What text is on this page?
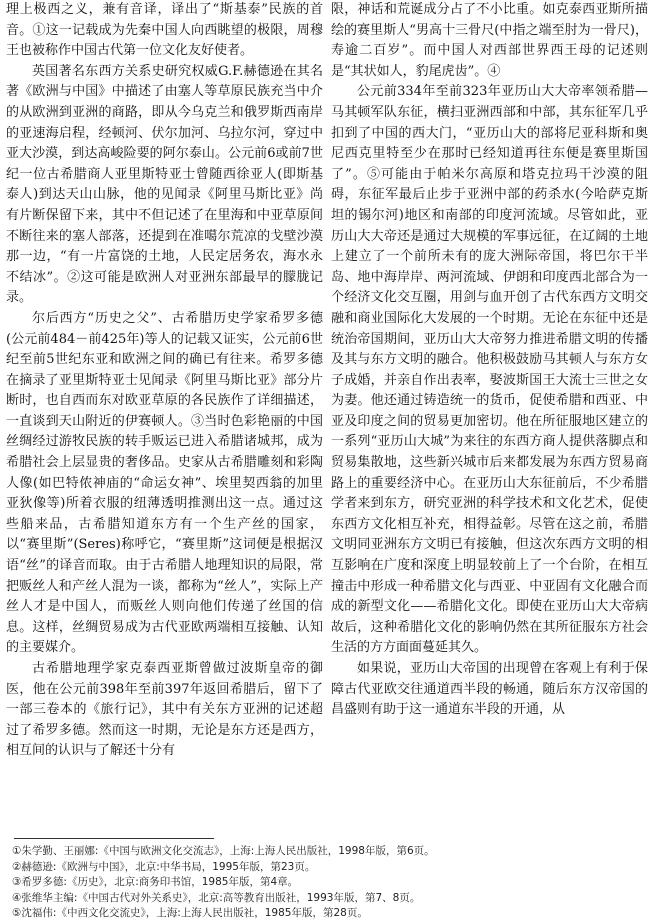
理上极西之义，兼有音译，译出了“斯基泰”民族的首音。①这一记载成为先秦中国人向西眺望的极限，周穆王也被称作中国古代第一位文化友好使者。

英国著名东西方关系史研究权威G.F.赫德逊在其名著《欧洲与中国》中描述了由塞人等草原民族充当中介的从欧洲到亚洲的商路，即从今乌克兰和俄罗斯西南岸的亚速海启程，经顿河、伏尔加河、乌拉尔河，穿过中亚大沙漠，到达高峻险要的阿尔泰山。公元前6或前7世纪一位古希腊商人亚里斯特亚士曾随西徐亚人(即斯基泰人)到达天山山脉，他的见闻录《阿里马斯比亚》尚有片断保留下来，其中不但记述了在里海和中亚草原间不断往来的塞人部落，还提到在准噶尔荒凉的戈壁沙漠那一边，“有一片富饶的土地，人民定居务农，海水永不结冰”。②这可能是欧洲人对亚洲东部最早的朦胧记录。

尔后西方“历史之父”、古希腊历史学家希罗多德(公元前484－前425年)等人的记载又证实，公元前6世纪至前5世纪东亚和欧洲之间的确已有往来。希罗多德在摘录了亚里斯特亚士见闻录《阿里马斯比亚》部分片断时，也自西而东对欧亚草原的各民族作了详细描述，一直谈到天山附近的伊赛顿人。③当时色彩艳丽的中国丝绸经过游牧民族的转手贩运已进入希腊诸城邦，成为希腊社会上层显贵的奢侈品。史家从古希腊雕刻和彩陶人像(如巴特侬神庙的“命运女神”、埃里契西翁的加里亚狄像等)所着衣服的纽薄透明推测出这一点。通过这些船来品，古希腊知道东方有一个生产丝的国家，以“赛里斯”(Seres)称呼它，“赛里斯”这词便是根据汉语“丝”的译音而取。由于古希腊人地理知识的局限，常把贩丝人和产丝人混为一谈，都称为“丝人”，实际上产丝人才是中国人，而贩丝人则向他们传递了丝国的信息。这样，丝绸贸易成为古代亚欧两端相互接触、认知的主要媒介。

古希腊地理学家克泰西亚斯曾做过波斯皇帝的御医，他在公元前398年至前397年返回希腊后，留下了一部三卷本的《旅行记》，其中有关东方亚洲的记述超过了希罗多德。然而这一时期，无论是东方还是西方，相互间的认识与了解还十分有

限，神话和荒诞成分占了不小比重。如克泰西亚斯所描绘的赛里斯人“男高十三骨尺(中指之端至肘为一骨尺)，寿逾二百岁”。而中国人对西部世界西王母的记述则是“其状如人，豹尾虎齿”。④

公元前334年至前323年亚历山大大帝率领希腊—马其顿军队东征，横扫亚洲西部和中部，其东征军几乎扣到了中国的西大门，“亚历山大的部将尼亚科斯和奥尼西克里特至少在那时已经知道再往东便是赛里斯国了”。⑤可能由于帕米尔高原和塔克拉玛干沙漠的阻碍，东征军最后止步于亚洲中部的药杀水(今哈萨克斯坦的锡尔河)地区和南部的印度河流域。尽管如此，亚历山大大帝还是通过大规模的军事远征，在辽阔的土地上建立了一个前所未有的庞大洲际帝国，将巴尔干半岛、地中海岸岸、两河流域、伊朗和印度西北部合为一个经济文化交互圈，用剑与血开创了古代东西方文明交融和商业国际化大发展的一个时期。无论在东征中还是统治帝国期间，亚历山大大帝努力推进希腊文明的传播及其与东方文明的融合。他积极鼓励马其顿人与东方女子成婚，并亲自作出表率，娶波斯国王大流士三世之女为妻。他还通过铸造统一的货币，促使希腊和西亚、中亚及印度之间的贸易更加密切。他在所征服地区建立的一系列“亚历山大城”为来往的东西方商人提供落脚点和贸易集散地，这些新兴城市后来都发展为东西方贸易商路上的重要经济中心。在亚历山大东征前后，不少希腊学者来到东方，研究亚洲的科学技术和文化艺术，促使东西方文化相互补充，相得益彰。尽管在这之前，希腊文明同亚洲东方文明已有接触，但这次东西方文明的相互影响在广度和深度上明显较前上了一个台阶，在相互撞击中形成一种希腊文化与西亚、中亚固有文化融合而成的新型文化——希腊化文化。即使在亚历山大大帝病故后，这种希腊化文化的影响仍然在其所征服东方社会生活的方方面面蔓延其久。

如果说，亚历山大帝国的出现曾在客观上有利于保障古代亚欧交往通道西半段的畅通，随后东方汉帝国的昌盛则有助于这一通道东半段的开通，从

①朱学勤、王丽娜:《中国与欧洲文化交流志》，上海:上海人民出版社，1998年版，第6页。
②赫德逊:《欧洲与中国》，北京:中华书局，1995年版，第23页。
③希罗多德:《历史》，北京:商务印书馆，1985年版，第4章。
④张维华主编:《中国古代对外关系史》，北京:高等教育出版社，1993年版，第7、8页。
⑤沈福伟:《中西文化交流史》，上海:上海人民出版社，1985年版，第28页。
